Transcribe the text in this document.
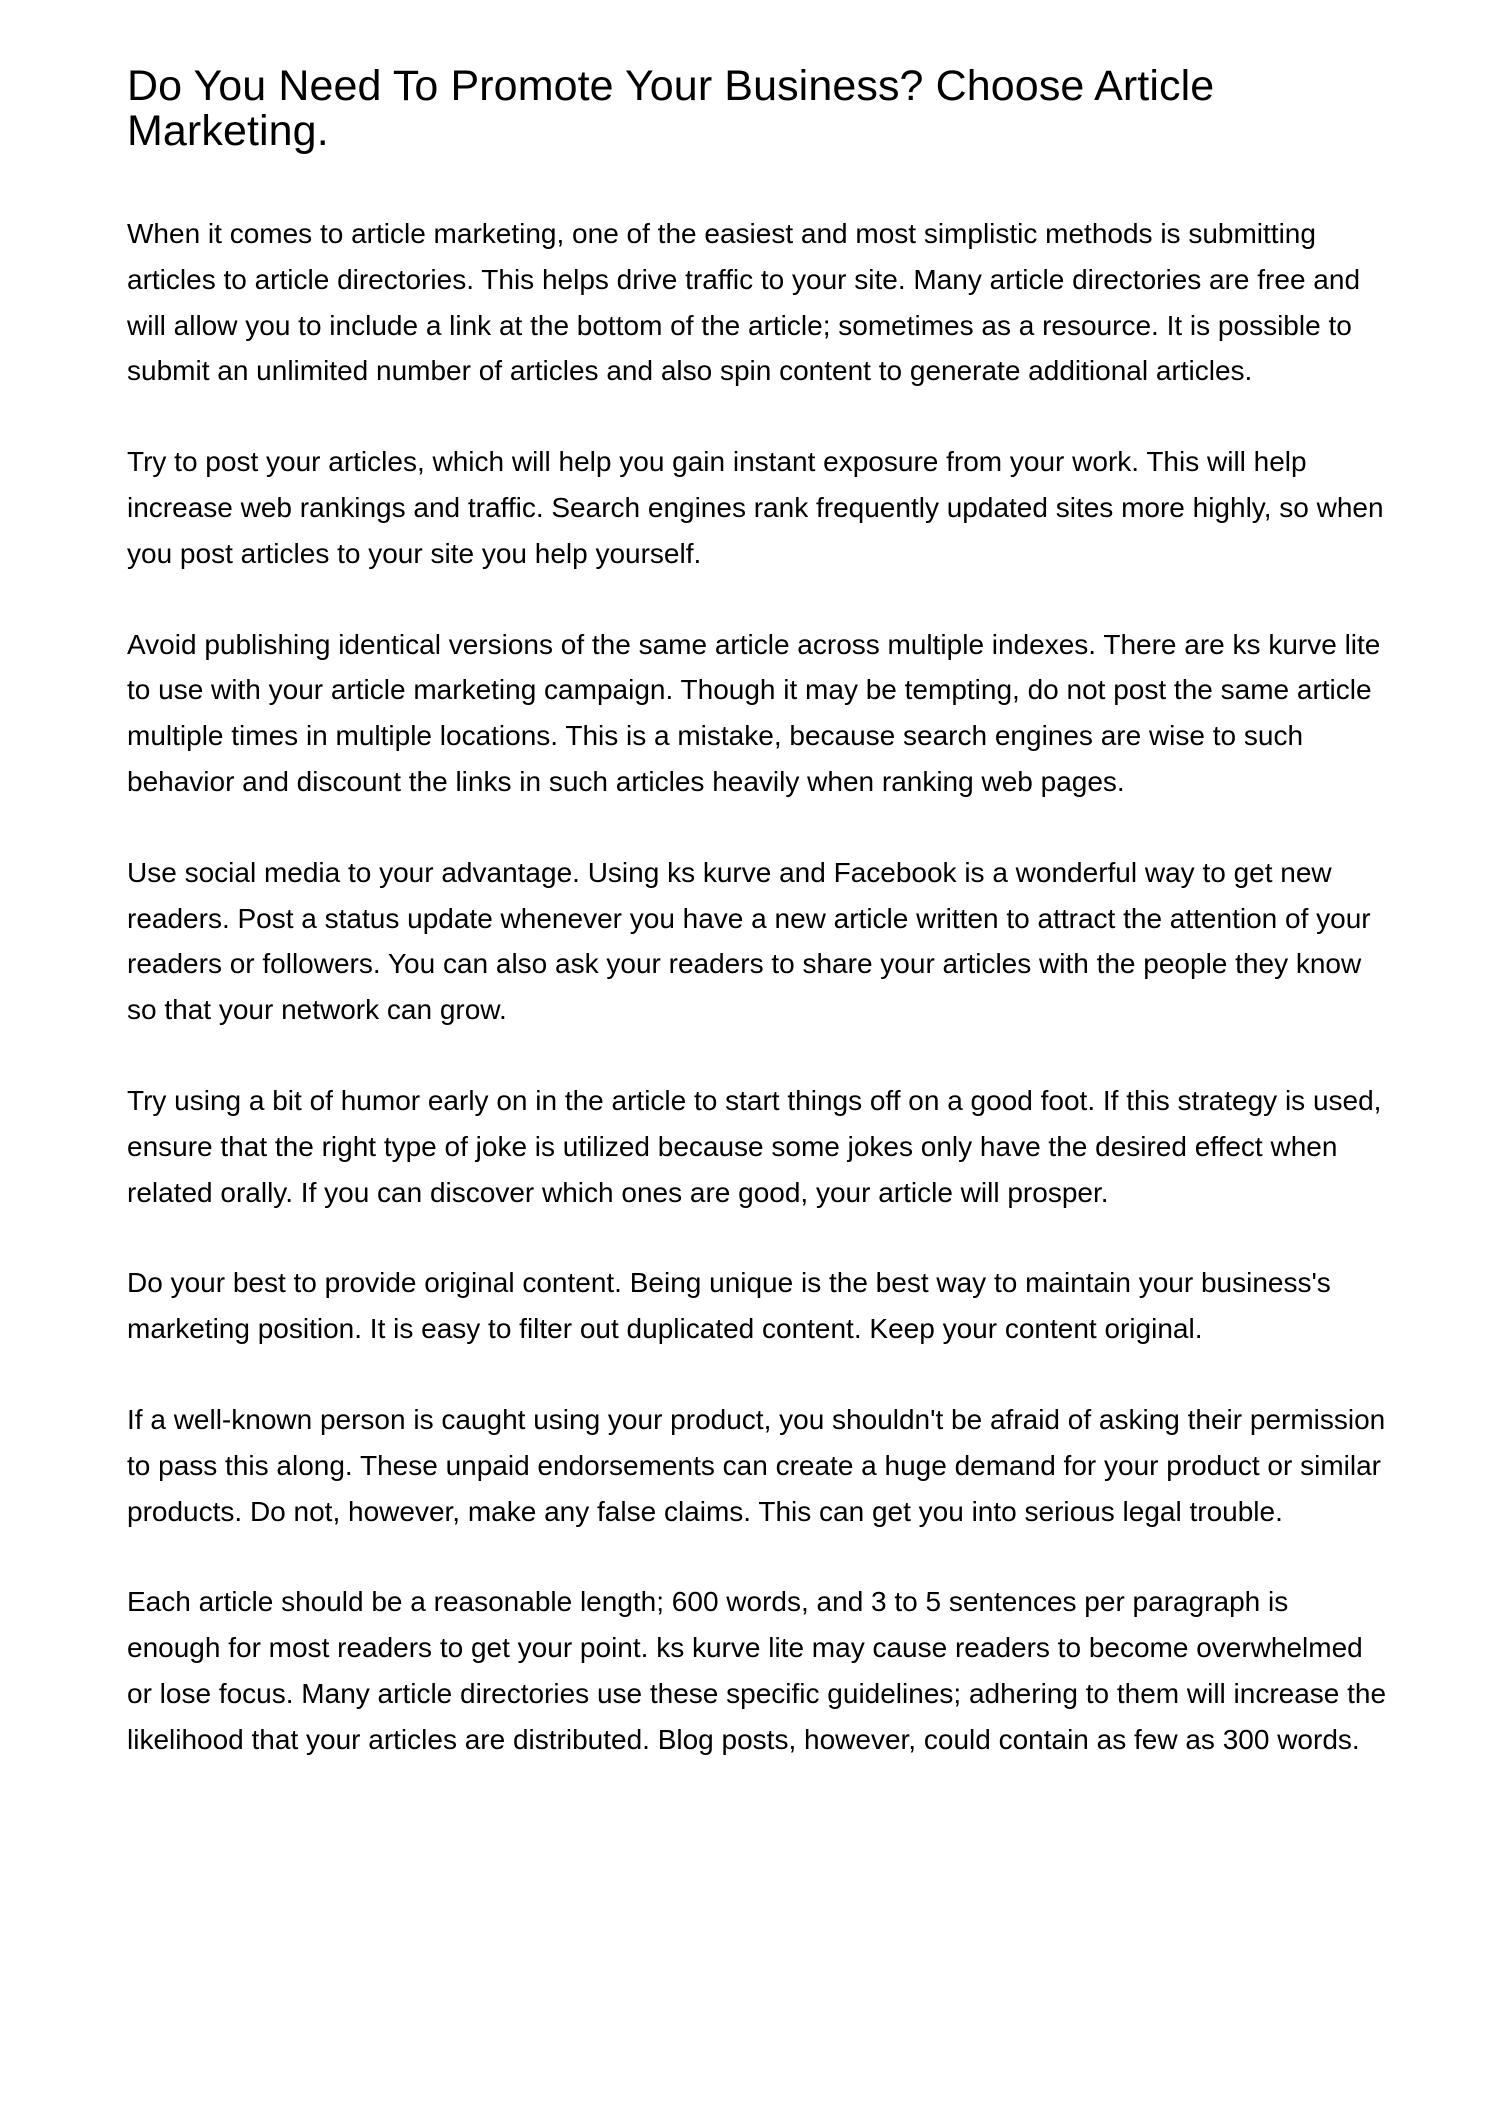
Do You Need To Promote Your Business? Choose Article Marketing.

When it comes to article marketing, one of the easiest and most simplistic methods is submitting articles to article directories. This helps drive traffic to your site. Many article directories are free and will allow you to include a link at the bottom of the article; sometimes as a resource. It is possible to submit an unlimited number of articles and also spin content to generate additional articles.

Try to post your articles, which will help you gain instant exposure from your work. This will help increase web rankings and traffic. Search engines rank frequently updated sites more highly, so when you post articles to your site you help yourself.

Avoid publishing identical versions of the same article across multiple indexes. There are ks kurve lite to use with your article marketing campaign. Though it may be tempting, do not post the same article multiple times in multiple locations. This is a mistake, because search engines are wise to such behavior and discount the links in such articles heavily when ranking web pages.

Use social media to your advantage. Using ks kurve and Facebook is a wonderful way to get new readers. Post a status update whenever you have a new article written to attract the attention of your readers or followers. You can also ask your readers to share your articles with the people they know so that your network can grow.

Try using a bit of humor early on in the article to start things off on a good foot. If this strategy is used, ensure that the right type of joke is utilized because some jokes only have the desired effect when related orally. If you can discover which ones are good, your article will prosper.

Do your best to provide original content. Being unique is the best way to maintain your business's marketing position. It is easy to filter out duplicated content. Keep your content original.

If a well-known person is caught using your product, you shouldn't be afraid of asking their permission to pass this along. These unpaid endorsements can create a huge demand for your product or similar products. Do not, however, make any false claims. This can get you into serious legal trouble.

Each article should be a reasonable length; 600 words, and 3 to 5 sentences per paragraph is enough for most readers to get your point. ks kurve lite may cause readers to become overwhelmed or lose focus. Many article directories use these specific guidelines; adhering to them will increase the likelihood that your articles are distributed. Blog posts, however, could contain as few as 300 words.
